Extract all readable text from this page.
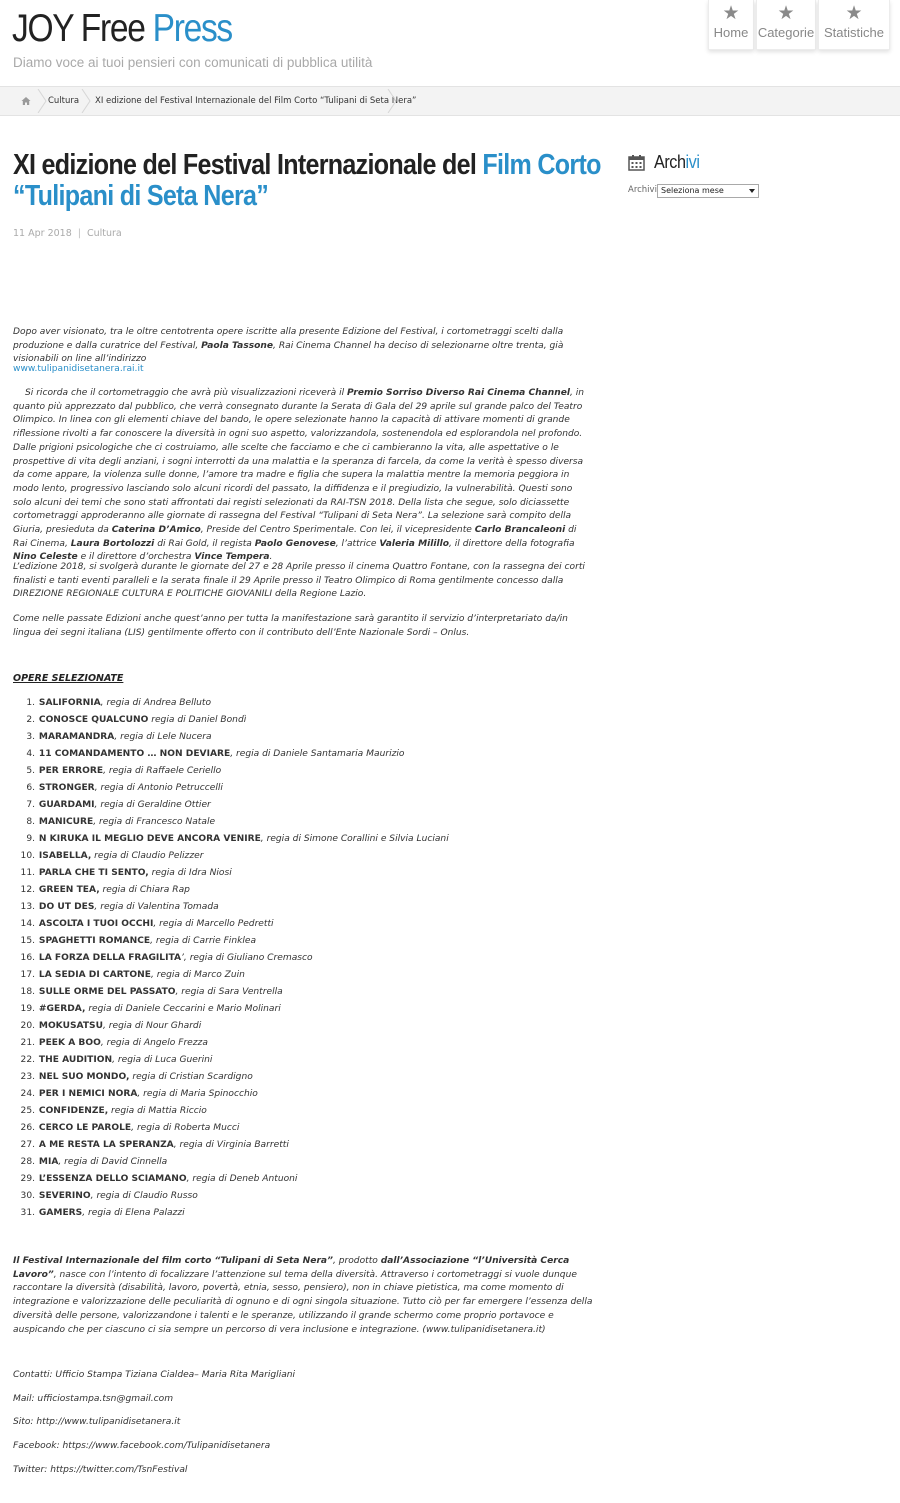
JOY Free Press
Diamo voce ai tuoi pensieri con comunicati di pubblica utilità
★
Home
★
Categorie
★
Statistiche
Cultura XI edizione del Festival Internazionale del Film Corto “Tulipani di Seta Nera”
XI edizione del Festival Internazionale del Film Corto
“Tulipani di Seta Nera”
11 Apr 2018 | Cultura

Dopo aver visionato, tra le oltre centotrenta opere iscritte alla presente Edizione del Festival, i cortometraggi scelti dalla produzione e dalla curatrice del Festival, Paola Tassone, Rai Cinema Channel ha deciso di selezionarne oltre trenta, già visionabili on line all’indirizzo

www.tulipanidisetanera.rai.it

Si ricorda che il cortometraggio che avrà più visualizzazioni riceverà il Premio Sorriso Diverso Rai Cinema Channel, in quanto più apprezzato dal pubblico, che verrà consegnato durante la Serata di Gala del 29 aprile sul grande palco del Teatro Olimpico. In linea con gli elementi chiave del bando, le opere selezionate hanno la capacità di attivare momenti di grande riflessione rivolti a far conoscere la diversità in ogni suo aspetto, valorizzandola, sostenendola ed esplorandola nel profondo. Dalle prigioni psicologiche che ci costruiamo, alle scelte che facciamo e che ci cambieranno la vita, alle aspettative o le prospettive di vita degli anziani, i sogni interrotti da una malattia e la speranza di farcela, da come la verità è spesso diversa da come appare, la violenza sulle donne, l’amore tra madre e figlia che supera la malattia mentre la memoria peggiora in modo lento, progressivo lasciando solo alcuni ricordi del passato, la diffidenza e il pregiudizio, la vulnerabilità. Questi sono solo alcuni dei temi che sono stati affrontati dai registi selezionati da RAI-TSN 2018. Della lista che segue, solo diciassette cortometraggi approderanno alle giornate di rassegna del Festival “Tulipani di Seta Nera”. La selezione sarà compito della Giuria, presieduta da Caterina D’Amico, Preside del Centro Sperimentale. Con lei, il vicepresidente Carlo Brancaleoni di Rai Cinema, Laura Bortolozzi di Rai Gold, il regista Paolo Genovese, l’attrice Valeria Milillo, il direttore della fotografia Nino Celeste e il direttore d’orchestra Vince Tempera.

L’edizione 2018, si svolgerà durante le giornate del 27 e 28 Aprile presso il cinema Quattro Fontane, con la rassegna dei corti finalisti e tanti eventi paralleli e la serata finale il 29 Aprile presso il Teatro Olimpico di Roma gentilmente concesso dalla DIREZIONE REGIONALE CULTURA E POLITICHE GIOVANILI della Regione Lazio.

Come nelle passate Edizioni anche quest’anno per tutta la manifestazione sarà garantito il servizio d’interpretariato da/in lingua dei segni italiana (LIS) gentilmente offerto con il contributo dell’Ente Nazionale Sordi – Onlus.

OPERE SELEZIONATE
1. SALIFORNIA, regia di Andrea Belluto
2. CONOSCE QUALCUNO regia di Daniel Bondì
3. MARAMANDRA, regia di Lele Nucera
4. 11 COMANDAMENTO … NON DEVIARE, regia di Daniele Santamaria Maurizio
5. PER ERRORE, regia di Raffaele Ceriello
6. STRONGER, regia di Antonio Petruccelli
7. GUARDAMI, regia di Geraldine Ottier
8. MANICURE, regia di Francesco Natale
9. N KIRUKA IL MEGLIO DEVE ANCORA VENIRE, regia di Simone Corallini e Silvia Luciani
10. ISABELLA, regia di Claudio Pelizzer
11. PARLA CHE TI SENTO, regia di Idra Niosi
12. GREEN TEA, regia di Chiara Rap
13. DO UT DES, regia di Valentina Tomada
14. ASCOLTA I TUOI OCCHI, regia di Marcello Pedretti
15. SPAGHETTI ROMANCE, regia di Carrie Finklea
16. LA FORZA DELLA FRAGILITA’, regia di Giuliano Cremasco
17. LA SEDIA DI CARTONE, regia di Marco Zuin
18. SULLE ORME DEL PASSATO, regia di Sara Ventrella
19. #GERDA, regia di Daniele Ceccarini e Mario Molinari
20. MOKUSATSU, regia di Nour Ghardi
21. PEEK A BOO, regia di Angelo Frezza
22. THE AUDITION, regia di Luca Guerini
23. NEL SUO MONDO, regia di Cristian Scardigno
24. PER I NEMICI NORA, regia di Maria Spinocchio
25. CONFIDENZE, regia di Mattia Riccio
26. CERCO LE PAROLE, regia di Roberta Mucci
27. A ME RESTA LA SPERANZA, regia di Virginia Barretti
28. MIA, regia di David Cinnella
29. L’ESSENZA DELLO SCIAMANO, regia di Deneb Antuoni
30. SEVERINO, regia di Claudio Russo
31. GAMERS, regia di Elena Palazzi

Il Festival Internazionale del film corto “Tulipani di Seta Nera”, prodotto dall’Associazione “l’Università Cerca Lavoro”, nasce con l’intento di focalizzare l’attenzione sul tema della diversità. Attraverso i cortometraggi si vuole dunque raccontare la diversità (disabilità, lavoro, povertà, etnia, sesso, pensiero), non in chiave pietistica, ma come momento di integrazione e valorizzazione delle peculiarità di ognuno e di ogni singola situazione. Tutto ciò per far emergere l’essenza della diversità delle persone, valorizzandone i talenti e le speranze, utilizzando il grande schermo come proprio portavoce e auspicando che per ciascuno ci sia sempre un percorso di vera inclusione e integrazione. (www.tulipanidisetanera.it)

Contatti: Ufficio Stampa Tiziana Cialdea– Maria Rita Marigliani
Mail: ufficiostampa.tsn@gmail.com
Sito: http://www.tulipanidisetanera.it
Facebook: https://www.facebook.com/Tulipanidisetanera
Twitter: https://twitter.com/TsnFestival
Archivi
Archivi Seleziona mese
